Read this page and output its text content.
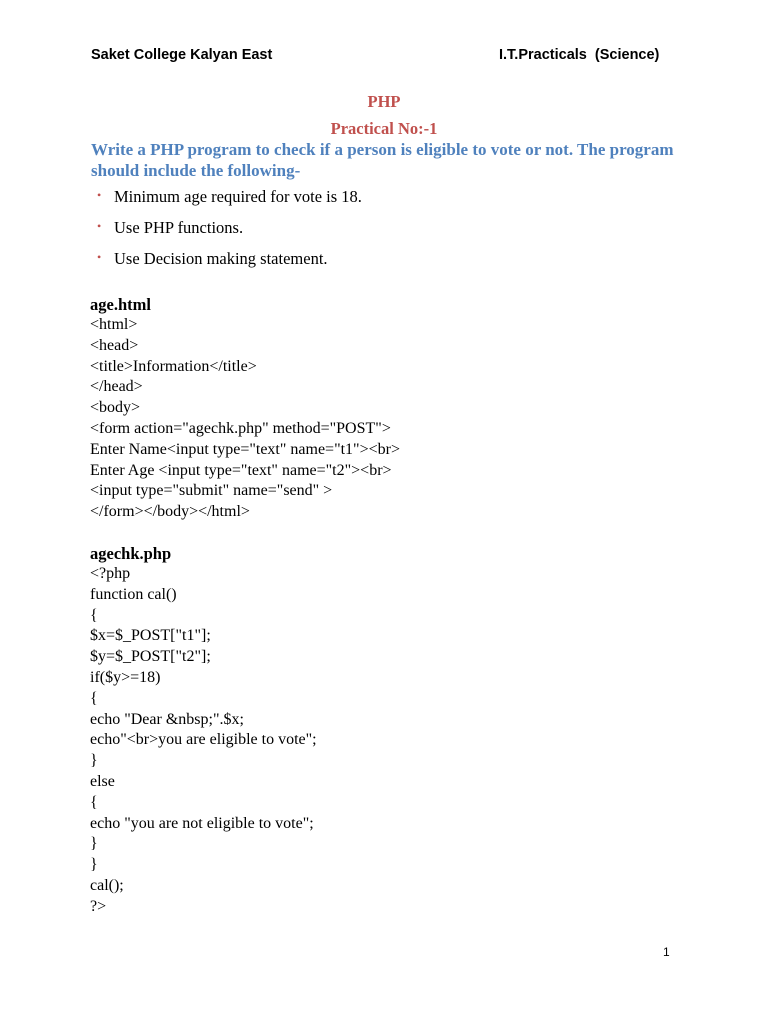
Saket College Kalyan East	I.T.Practicals  (Science)
PHP
Practical No:-1
Write a PHP program to check if a person is eligible to vote or not. The program should include the following-
• Minimum age required for vote is 18.
• Use PHP functions.
• Use Decision making statement.
age.html
<html>
<head>
<title>Information</title>
</head>
<body>
<form action="agechk.php" method="POST">
Enter Name<input type="text" name="t1"><br>
Enter Age <input type="text" name="t2"><br>
<input type="submit" name="send" >
</form></body></html>
agechk.php
<?php
function cal()
{
$x=$_POST["t1"];
$y=$_POST["t2"];
if($y>=18)
{
echo "Dear &nbsp;".$x;
echo"<br>you are eligible to vote";
}
else
{
echo "you are not eligible to vote";
}
}
cal();
?>
1
